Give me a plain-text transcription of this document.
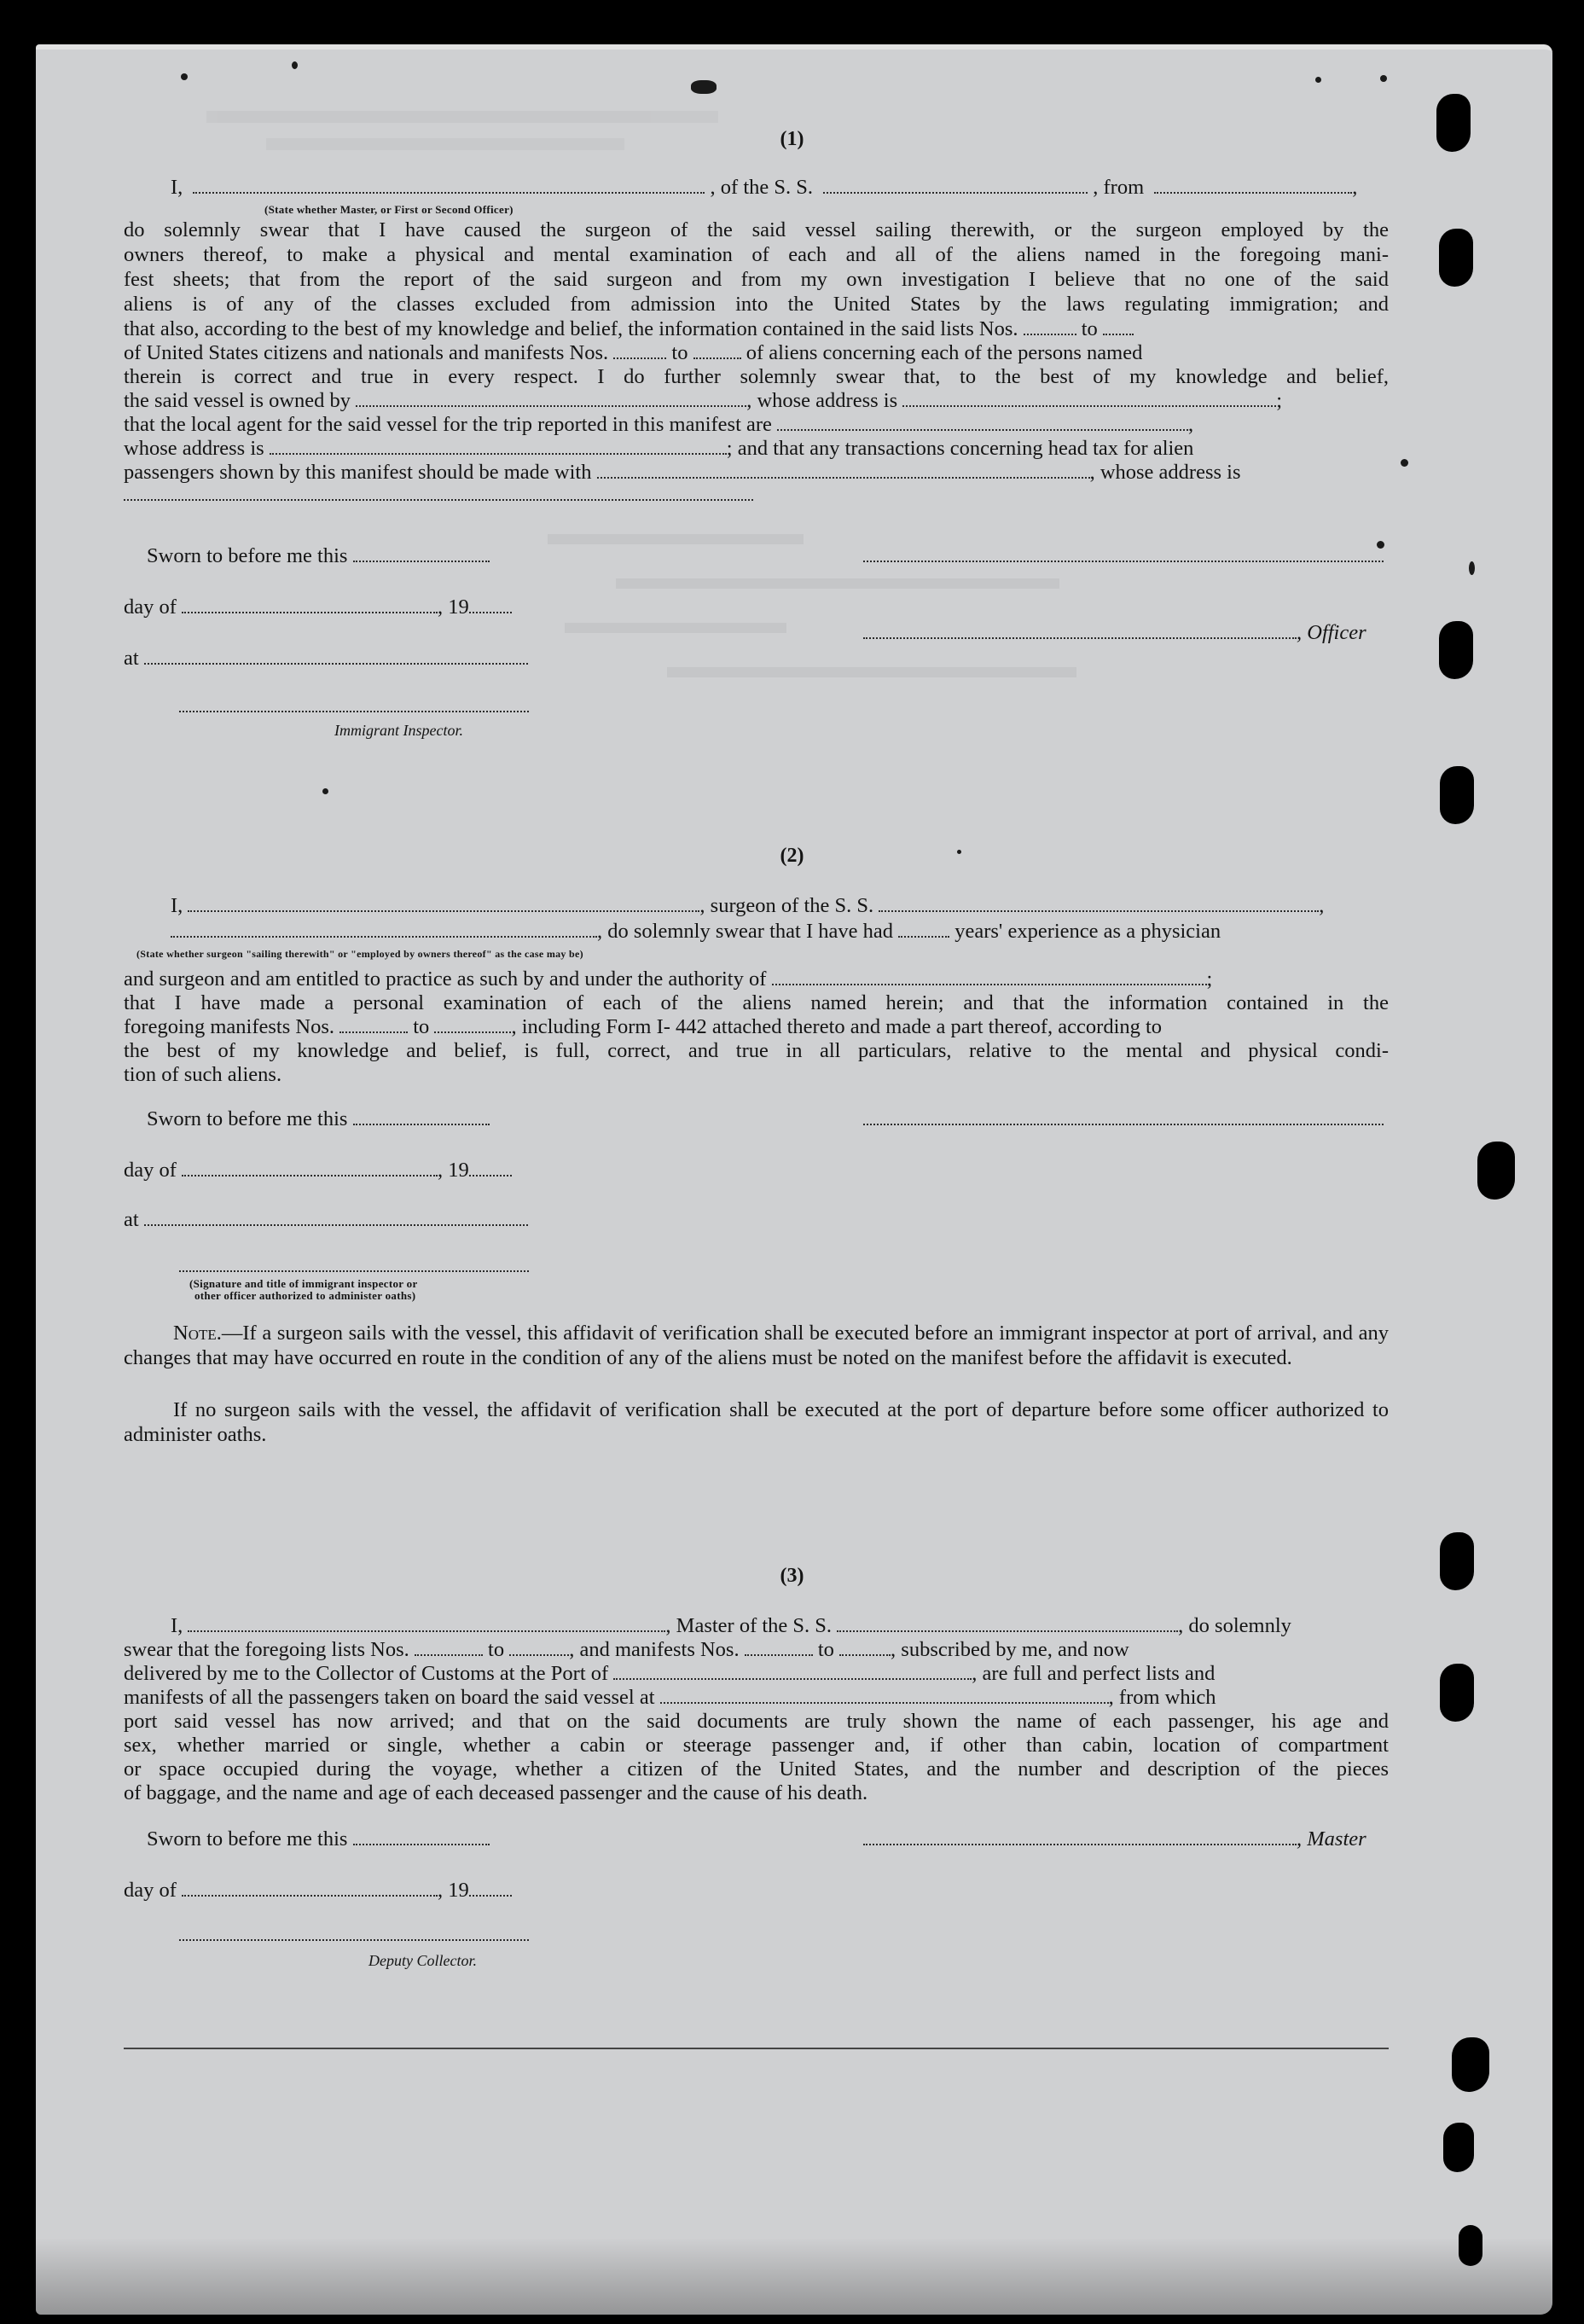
(1)
I,	, of the S. S.	, from	,
(State whether Master, or First or Second Officer)
do solemnly swear that I have caused the surgeon of the said vessel sailing therewith, or the surgeon employed by the
owners thereof, to make a physical and mental examination of each and all of the aliens named in the foregoing mani-
fest sheets; that from the report of the said surgeon and from my own investigation I believe that no one of the said
aliens is of any of the classes excluded from admission into the United States by the laws regulating immigration; and
that also, according to the best of my knowledge and belief, the information contained in the said lists Nos.	to
of United States citizens and nationals and manifests Nos.	to	of aliens concerning each of the persons named
therein is correct and true in every respect. I do further solemnly swear that, to the best of my knowledge and belief,
the said vessel is owned by	, whose address is	;
that the local agent for the said vessel for the trip reported in this manifest are	,
whose address is	; and that any transactions concerning head tax for alien
passengers shown by this manifest should be made with	, whose address is
Sworn to before me this
day of	, 19
, Officer
at
Immigrant Inspector.
(2)
I,	, surgeon of the S. S.	,
, do solemnly swear that I have had	years' experience as a physician
(State whether surgeon "sailing therewith" or "employed by owners thereof" as the case may be)
and surgeon and am entitled to practice as such by and under the authority of	;
that I have made a personal examination of each of the aliens named herein; and that the information contained in the
foregoing manifests Nos.	to	, including Form I- 442 attached thereto and made a part thereof, according to
the best of my knowledge and belief, is full, correct, and true in all particulars, relative to the mental and physical condi-
tion of such aliens.
Sworn to before me this
day of	, 19
at
(Signature and title of immigrant inspector or
other officer authorized to administer oaths)
Note.—If a surgeon sails with the vessel, this affidavit of verification shall be executed before an immigrant inspector at port of arrival, and any changes that may have occurred en route in the condition of any of the aliens must be noted on the manifest before the affidavit is executed.
If no surgeon sails with the vessel, the affidavit of verification shall be executed at the port of departure before some officer authorized to administer oaths.
(3)
I,	, Master of the S. S.	, do solemnly
swear that the foregoing lists Nos.	to	, and manifests Nos.	to	, subscribed by me, and now
delivered by me to the Collector of Customs at the Port of	, are full and perfect lists and
manifests of all the passengers taken on board the said vessel at	, from which
port said vessel has now arrived; and that on the said documents are truly shown the name of each passenger, his age and
sex, whether married or single, whether a cabin or steerage passenger and, if other than cabin, location of compartment
or space occupied during the voyage, whether a citizen of the United States, and the number and description of the pieces
of baggage, and the name and age of each deceased passenger and the cause of his death.
Sworn to before me this	, Master
day of	, 19
Deputy Collector.
